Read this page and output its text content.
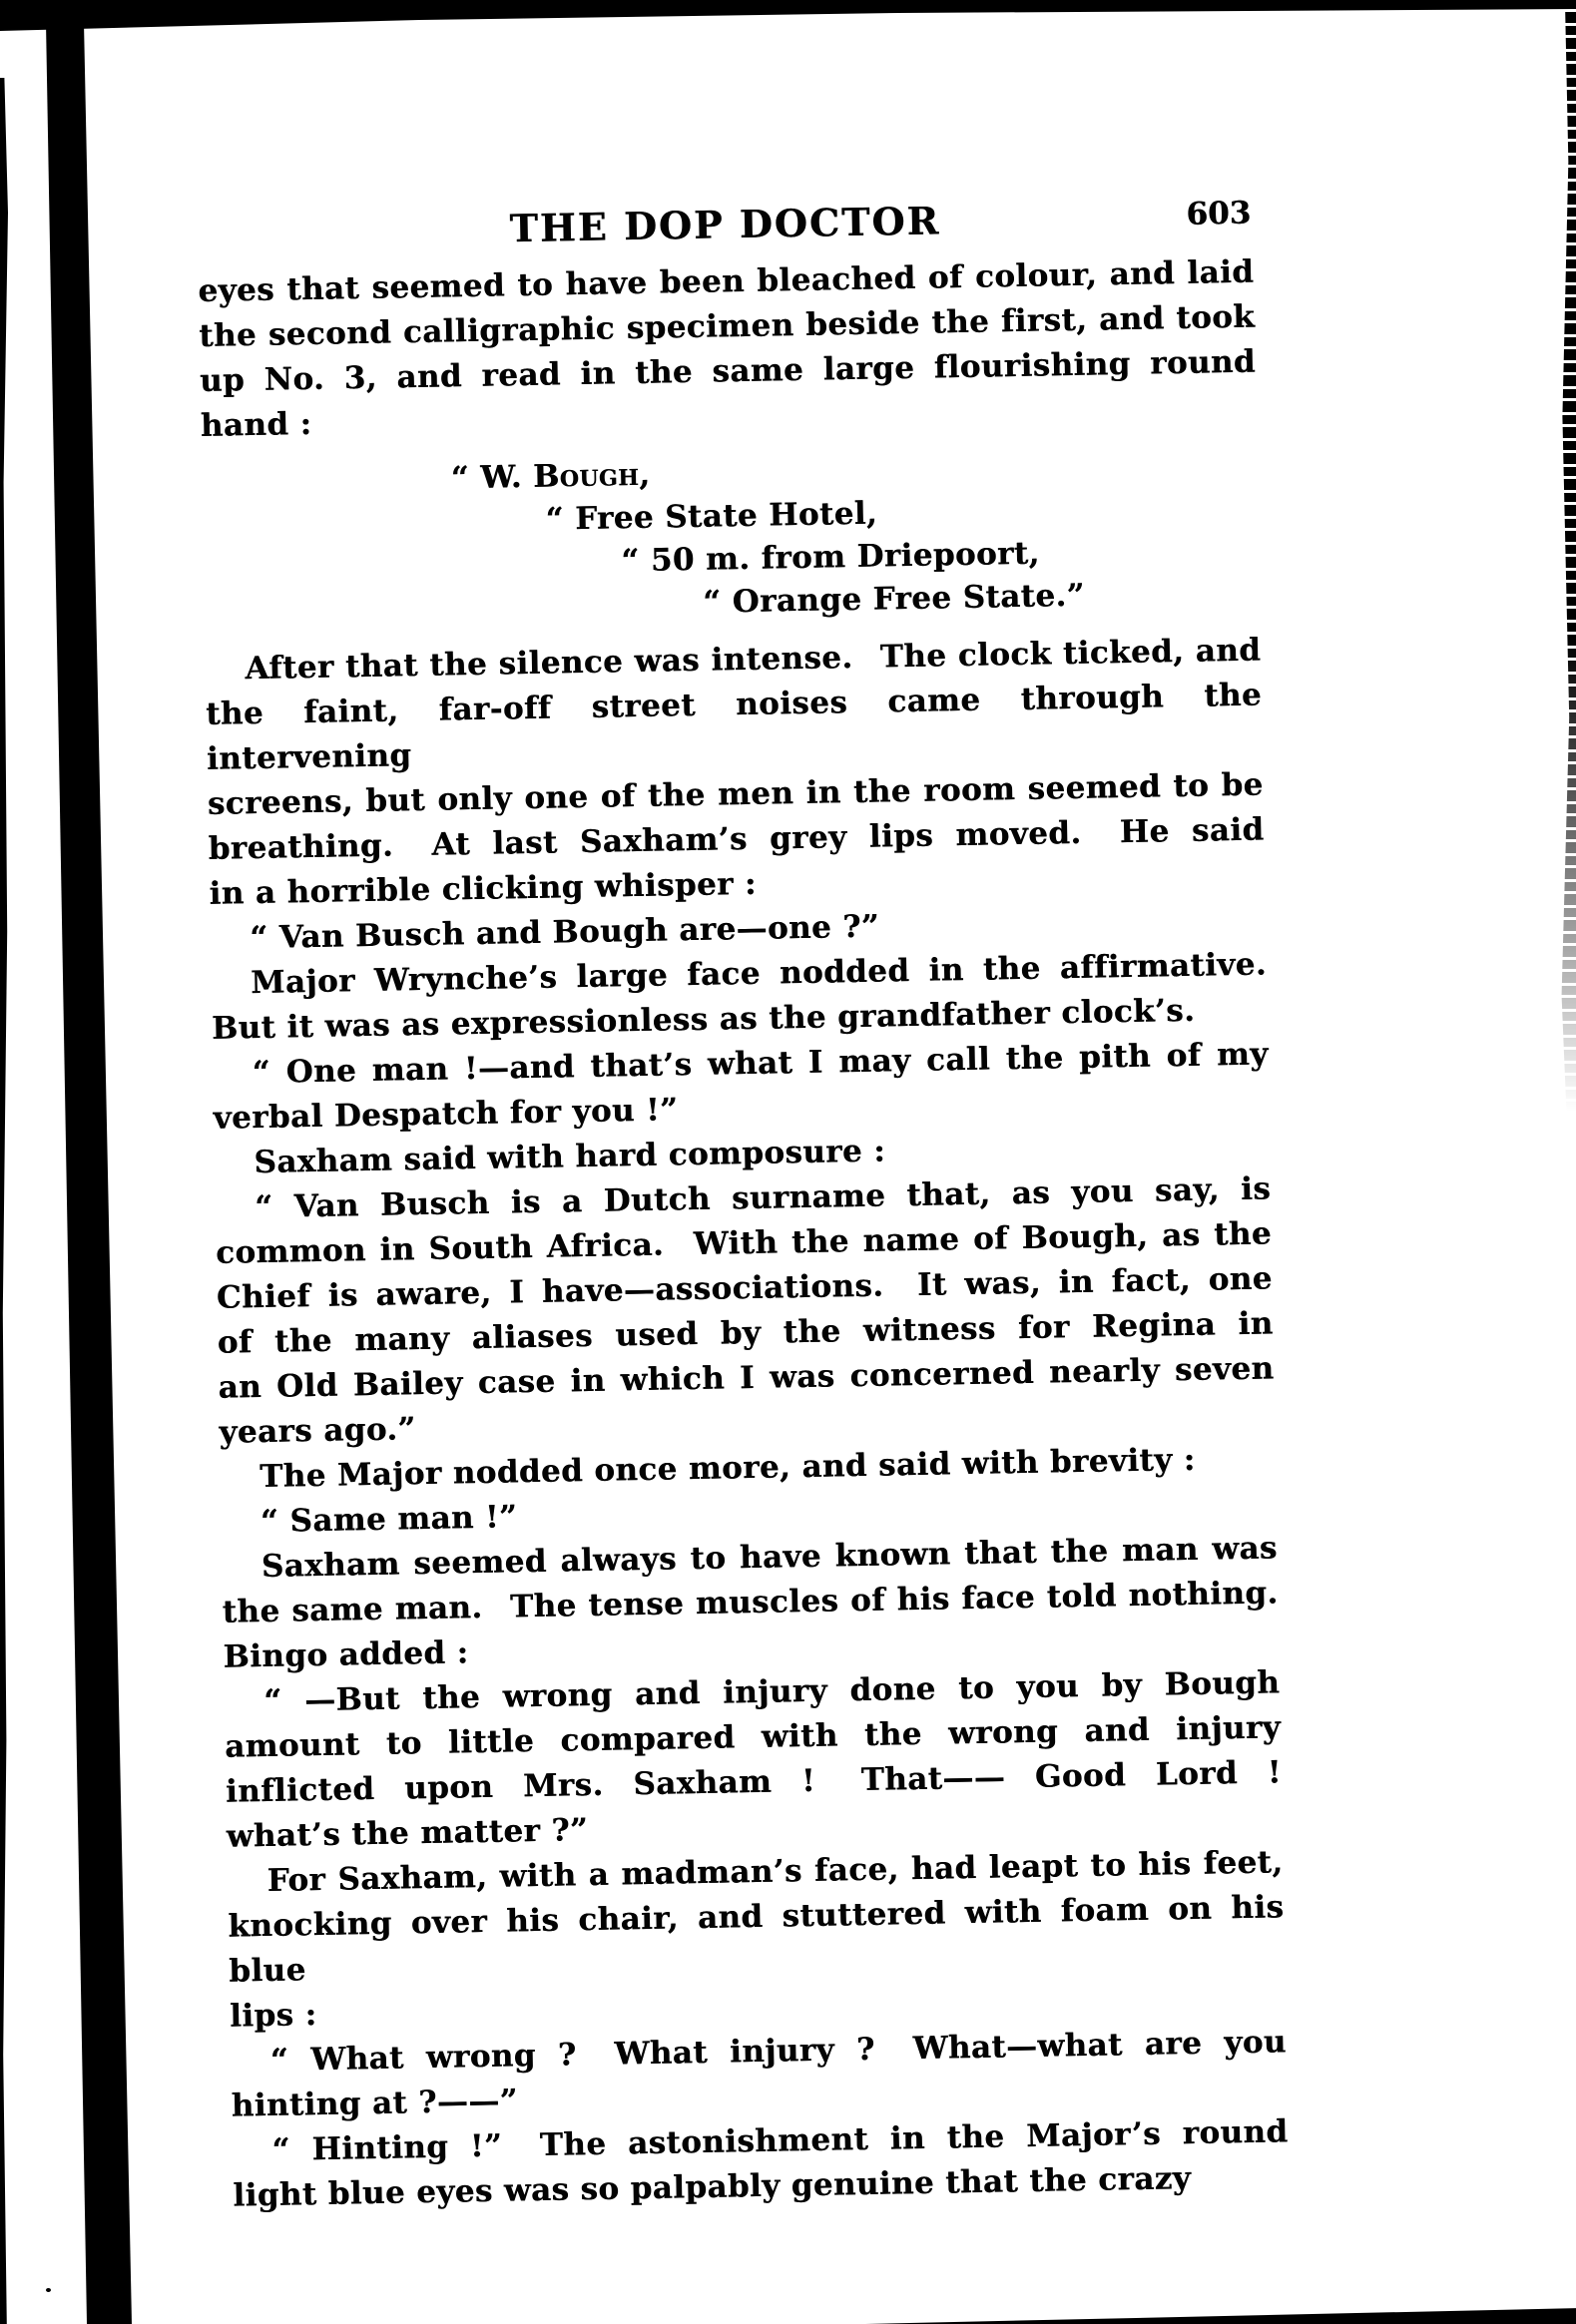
THE DOP DOCTOR	603
eyes that seemed to have been bleached of colour, and laid
the second calligraphic specimen beside the first, and took
up No. 3, and read in the same large flourishing round hand :
“ W. Bough,
“ Free State Hotel,
“ 50 m. from Driepoort,
“ Orange Free State.”
After that the silence was intense.  The clock ticked, and
the faint, far-off street noises came through the intervening
screens, but only one of the men in the room seemed to be
breathing.  At last Saxham’s grey lips moved.  He said
in a horrible clicking whisper :
“ Van Busch and Bough are—one ?”
Major Wrynche’s large face nodded in the affirmative.
But it was as expressionless as the grandfather clock’s.
“ One man !—and that’s what I may call the pith of my
verbal Despatch for you !”
Saxham said with hard composure :
“ Van Busch is a Dutch surname that, as you say, is
common in South Africa.  With the name of Bough, as the
Chief is aware, I have—associations.  It was, in fact, one
of the many aliases used by the witness for Regina in
an Old Bailey case in which I was concerned nearly seven
years ago.”
The Major nodded once more, and said with brevity :
“ Same man !”
Saxham seemed always to have known that the man was
the same man.  The tense muscles of his face told nothing.
Bingo added :
“ —But the wrong and injury done to you by Bough
amount to little compared with the wrong and injury
inflicted upon Mrs. Saxham !  That—— Good Lord !
what’s the matter ?”
For Saxham, with a madman’s face, had leapt to his feet,
knocking over his chair, and stuttered with foam on his blue
lips :
“ What wrong ?  What injury ?  What—what are you
hinting at ?——”
“ Hinting !”  The astonishment in the Major’s round
light blue eyes was so palpably genuine that the crazy
